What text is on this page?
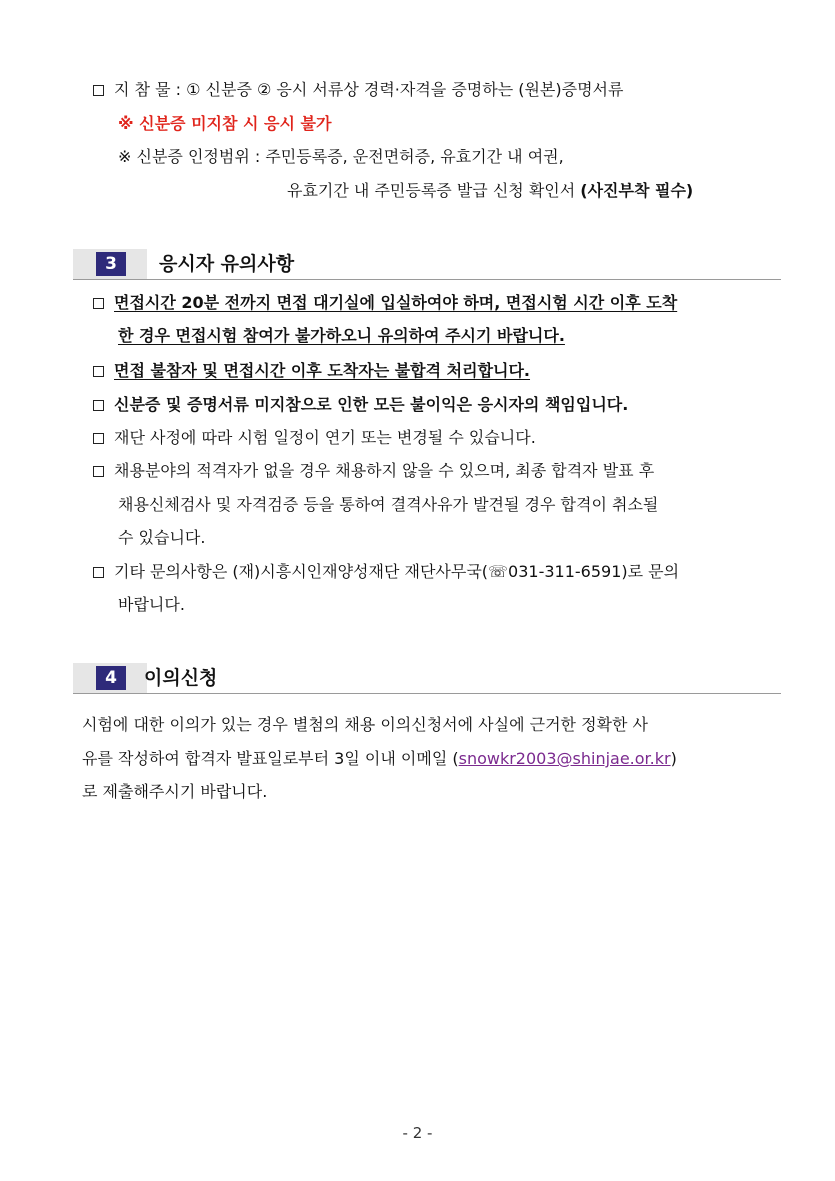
지 참 물 : ① 신분증 ② 응시 서류상 경력·자격을 증명하는 (원본)증명서류
※ 신분증 미지참 시 응시 불가
※ 신분증 인정범위 : 주민등록증, 운전면허증, 유효기간 내 여권,
유효기간 내 주민등록증 발급 신청 확인서 (사진부착 필수)
3	응시자 유의사항
면접시간 20분 전까지 면접 대기실에 입실하여야 하며, 면접시험 시간 이후 도착
한 경우 면접시험 참여가 불가하오니 유의하여 주시기 바랍니다.
면접 불참자 및 면접시간 이후 도착자는 불합격 처리합니다.
신분증 및 증명서류 미지참으로 인한 모든 불이익은 응시자의 책임입니다.
재단 사정에 따라 시험 일정이 연기 또는 변경될 수 있습니다.
채용분야의 적격자가 없을 경우 채용하지 않을 수 있으며, 최종 합격자 발표 후
채용신체검사 및 자격검증 등을 통하여 결격사유가 발견될 경우 합격이 취소될
수 있습니다.
기타 문의사항은 (재)시흥시인재양성재단 재단사무국(☏031-311-6591)로 문의
바랍니다.
4	이의신청
시험에 대한 이의가 있는 경우 별첨의 채용 이의신청서에 사실에 근거한 정확한 사
유를 작성하여 합격자 발표일로부터 3일 이내 이메일 (snowkr2003@shinjae.or.kr)
로 제출해주시기 바랍니다.
- 2 -
